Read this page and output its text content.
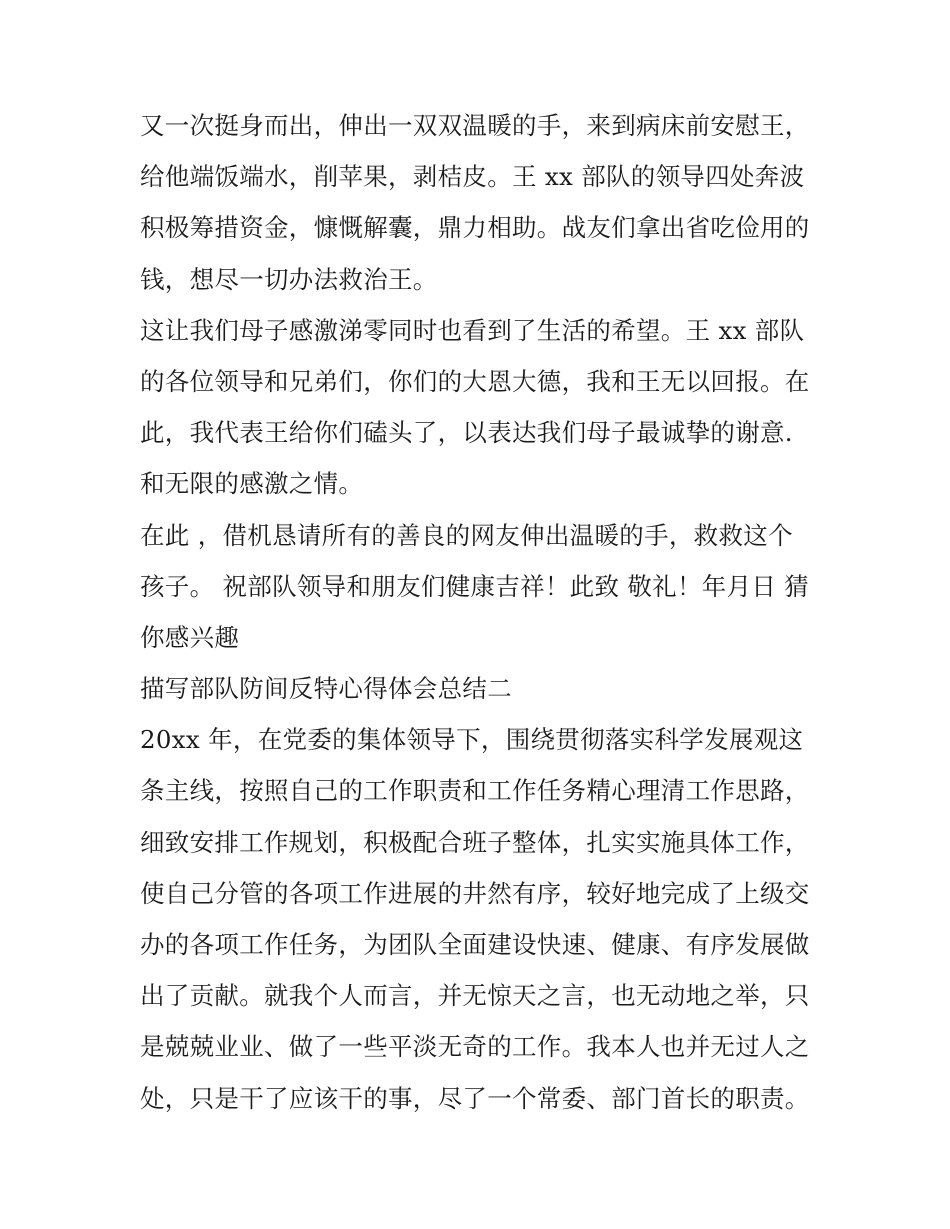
又一次挺身而出，伸出一双双温暖的手，来到病床前安慰王，
给他端饭端水，削苹果，剥桔皮。王 xx 部队的领导四处奔波
积极筹措资金，慷慨解囊，鼎力相助。战友们拿出省吃俭用的
钱，想尽一切办法救治王。
这让我们母子感激涕零同时也看到了生活的希望。王 xx 部队
的各位领导和兄弟们，你们的大恩大德，我和王无以回报。在
此，我代表王给你们磕头了，以表达我们母子最诚挚的谢意.
和无限的感激之情。
在此 ，借机恳请所有的善良的网友伸出温暖的手，救救这个
孩子。 祝部队领导和朋友们健康吉祥！此致 敬礼！年月日 猜
你感兴趣
描写部队防间反特心得体会总结二
20xx 年，在党委的集体领导下，围绕贯彻落实科学发展观这
条主线，按照自己的工作职责和工作任务精心理清工作思路，
细致安排工作规划，积极配合班子整体，扎实实施具体工作，
使自己分管的各项工作进展的井然有序，较好地完成了上级交
办的各项工作任务，为团队全面建设快速、健康、有序发展做
出了贡献。就我个人而言，并无惊天之言，也无动地之举，只
是兢兢业业、做了一些平淡无奇的工作。我本人也并无过人之
处，只是干了应该干的事，尽了一个常委、部门首长的职责。
